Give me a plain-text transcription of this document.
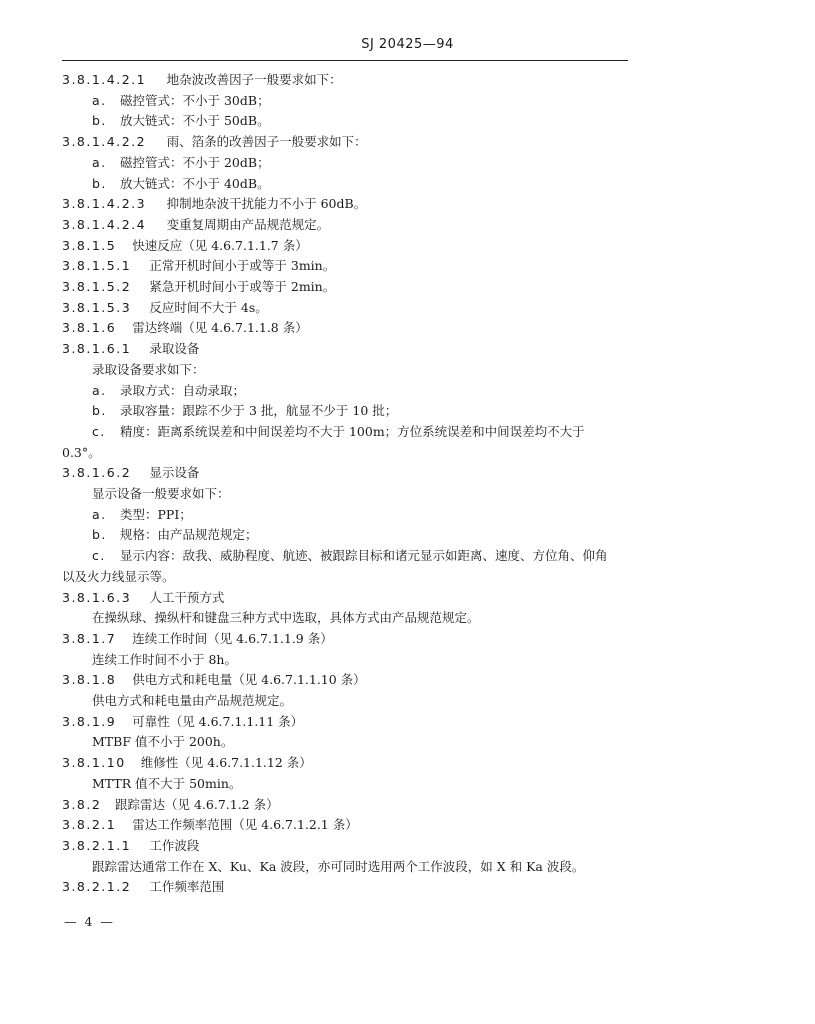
SJ 20425—94
3.8.1.4.2.1 地杂波改善因子一般要求如下：
a. 磁控管式：不小于 30dB；
b. 放大链式：不小于 50dB。
3.8.1.4.2.2 雨、箔条的改善因子一般要求如下：
a. 磁控管式：不小于 20dB；
b. 放大链式：不小于 40dB。
3.8.1.4.2.3 抑制地杂波干扰能力不小于 60dB。
3.8.1.4.2.4 变重复周期由产品规范规定。
3.8.1.5 快速反应（见 4.6.7.1.1.7 条）
3.8.1.5.1 正常开机时间小于或等于 3min。
3.8.1.5.2 紧急开机时间小于或等于 2min。
3.8.1.5.3 反应时间不大于 4s。
3.8.1.6 雷达终端（见 4.6.7.1.1.8 条）
3.8.1.6.1 录取设备
录取设备要求如下：
a. 录取方式：自动录取；
b. 录取容量：跟踪不少于 3 批，航显不少于 10 批；
c. 精度：距离系统误差和中间误差均不大于 100m；方位系统误差和中间误差均不大于
0.3°。
3.8.1.6.2 显示设备
显示设备一般要求如下：
a. 类型：PPI；
b. 规格：由产品规范规定；
c. 显示内容：敌我、威胁程度、航迹、被跟踪目标和诸元显示如距离、速度、方位角、仰角
以及火力线显示等。
3.8.1.6.3 人工干预方式
在操纵球、操纵杆和键盘三种方式中选取，具体方式由产品规范规定。
3.8.1.7 连续工作时间（见 4.6.7.1.1.9 条）
连续工作时间不小于 8h。
3.8.1.8 供电方式和耗电量（见 4.6.7.1.1.10 条）
供电方式和耗电量由产品规范规定。
3.8.1.9 可靠性（见 4.6.7.1.1.11 条）
MTBF 值不小于 200h。
3.8.1.10 维修性（见 4.6.7.1.1.12 条）
MTTR 值不大于 50min。
3.8.2 跟踪雷达（见 4.6.7.1.2 条）
3.8.2.1 雷达工作频率范围（见 4.6.7.1.2.1 条）
3.8.2.1.1 工作波段
跟踪雷达通常工作在 X、Ku、Ka 波段，亦可同时选用两个工作波段，如 X 和 Ka 波段。
3.8.2.1.2 工作频率范围
— 4 —
